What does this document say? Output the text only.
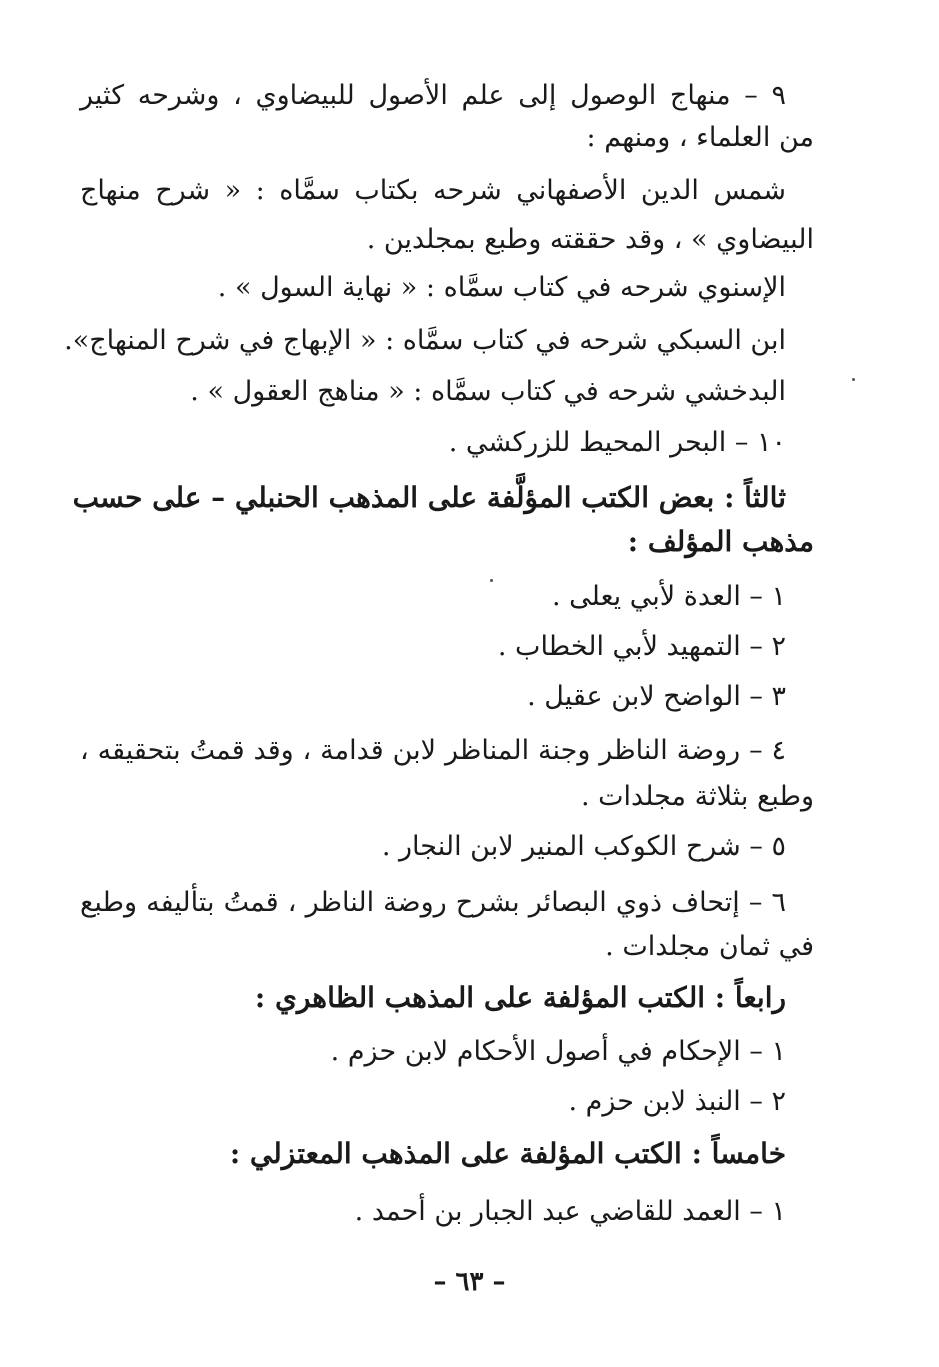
٩ – منهاج الوصول إلى علم الأصول للبيضاوي ، وشرحه كثير
من العلماء ، ومنهم :
شمس الدين الأصفهاني شرحه بكتاب سمَّاه : « شرح منهاج
البيضاوي » ، وقد حققته وطبع بمجلدين .
الإسنوي شرحه في كتاب سمَّاه : « نهاية السول » .
ابن السبكي شرحه في كتاب سمَّاه : « الإبهاج في شرح المنهاج».
البدخشي شرحه في كتاب سمَّاه : « مناهج العقول » .
١٠ – البحر المحيط للزركشي .
ثالثاً : بعض الكتب المؤلَّفة على المذهب الحنبلي – على حسب
مذهب المؤلف :
١ – العدة لأبي يعلى .
٢ – التمهيد لأبي الخطاب .
٣ – الواضح لابن عقيل .
٤ – روضة الناظر وجنة المناظر لابن قدامة ، وقد قمتُ بتحقيقه ،
وطبع بثلاثة مجلدات .
٥ – شرح الكوكب المنير لابن النجار .
٦ – إتحاف ذوي البصائر بشرح روضة الناظر ، قمتُ بتأليفه وطبع
في ثمان مجلدات .
رابعاً : الكتب المؤلفة على المذهب الظاهري :
١ – الإحكام في أصول الأحكام لابن حزم .
٢ – النبذ لابن حزم .
خامساً : الكتب المؤلفة على المذهب المعتزلي :
١ – العمد للقاضي عبد الجبار بن أحمد .
– ٦٣ –
